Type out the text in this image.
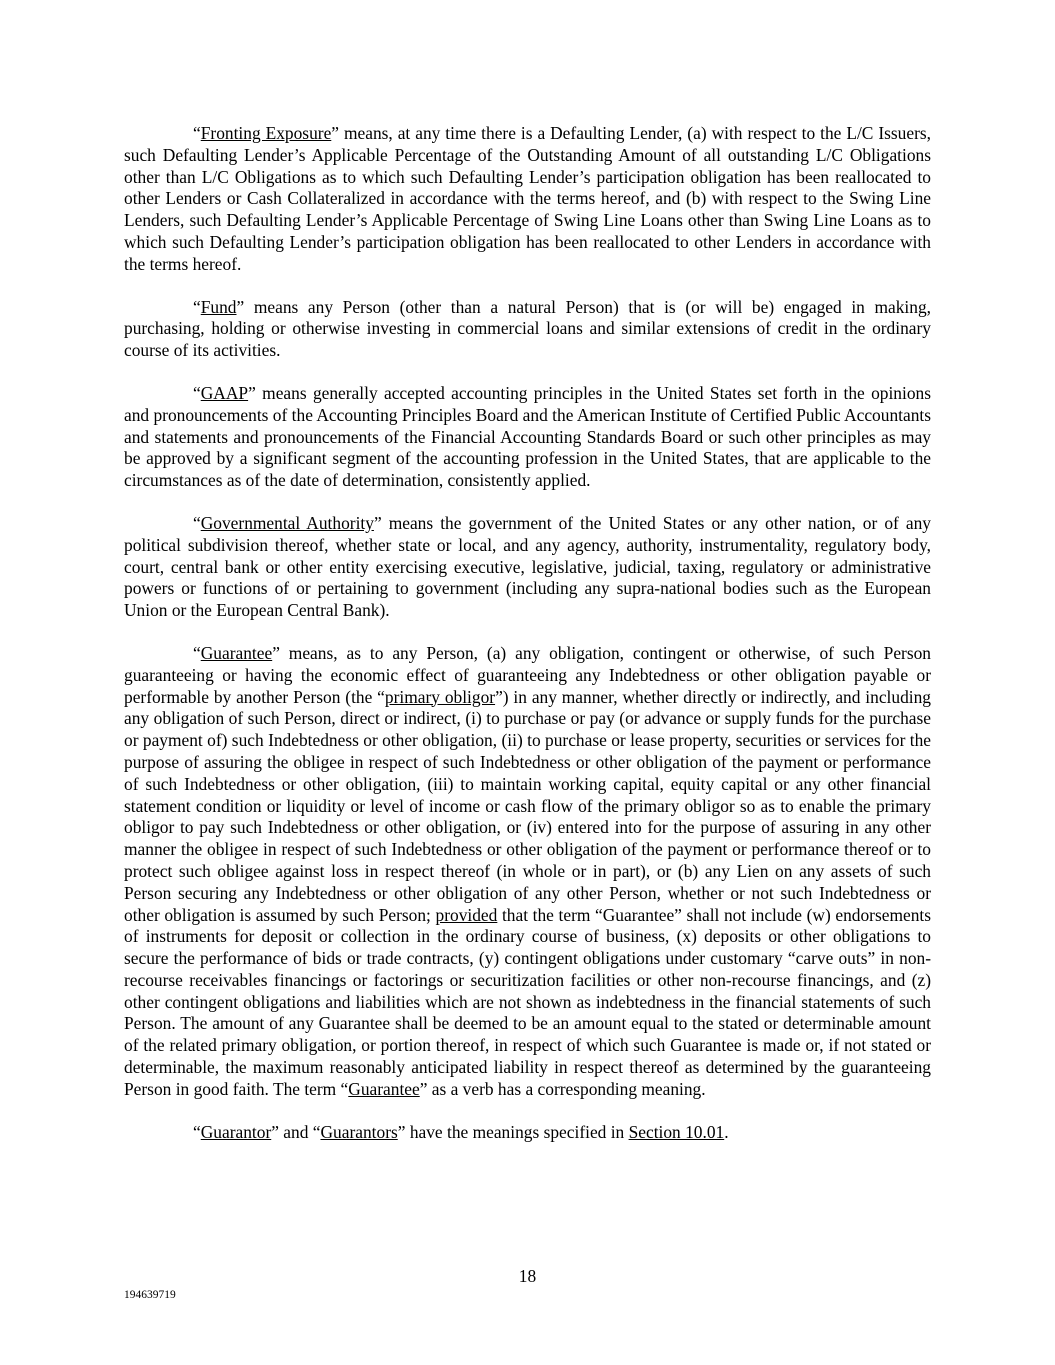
“Fronting Exposure” means, at any time there is a Defaulting Lender, (a) with respect to the L/C Issuers, such Defaulting Lender’s Applicable Percentage of the Outstanding Amount of all outstanding L/C Obligations other than L/C Obligations as to which such Defaulting Lender’s participation obligation has been reallocated to other Lenders or Cash Collateralized in accordance with the terms hereof, and (b) with respect to the Swing Line Lenders, such Defaulting Lender’s Applicable Percentage of Swing Line Loans other than Swing Line Loans as to which such Defaulting Lender’s participation obligation has been reallocated to other Lenders in accordance with the terms hereof.

“Fund” means any Person (other than a natural Person) that is (or will be) engaged in making, purchasing, holding or otherwise investing in commercial loans and similar extensions of credit in the ordinary course of its activities.

“GAAP” means generally accepted accounting principles in the United States set forth in the opinions and pronouncements of the Accounting Principles Board and the American Institute of Certified Public Accountants and statements and pronouncements of the Financial Accounting Standards Board or such other principles as may be approved by a significant segment of the accounting profession in the United States, that are applicable to the circumstances as of the date of determination, consistently applied.

“Governmental Authority” means the government of the United States or any other nation, or of any political subdivision thereof, whether state or local, and any agency, authority, instrumentality, regulatory body, court, central bank or other entity exercising executive, legislative, judicial, taxing, regulatory or administrative powers or functions of or pertaining to government (including any supra-national bodies such as the European Union or the European Central Bank).

“Guarantee” means, as to any Person, (a) any obligation, contingent or otherwise, of such Person guaranteeing or having the economic effect of guaranteeing any Indebtedness or other obligation payable or performable by another Person (the “primary obligor”) in any manner, whether directly or indirectly, and including any obligation of such Person, direct or indirect, (i) to purchase or pay (or advance or supply funds for the purchase or payment of) such Indebtedness or other obligation, (ii) to purchase or lease property, securities or services for the purpose of assuring the obligee in respect of such Indebtedness or other obligation of the payment or performance of such Indebtedness or other obligation, (iii) to maintain working capital, equity capital or any other financial statement condition or liquidity or level of income or cash flow of the primary obligor so as to enable the primary obligor to pay such Indebtedness or other obligation, or (iv) entered into for the purpose of assuring in any other manner the obligee in respect of such Indebtedness or other obligation of the payment or performance thereof or to protect such obligee against loss in respect thereof (in whole or in part), or (b) any Lien on any assets of such Person securing any Indebtedness or other obligation of any other Person, whether or not such Indebtedness or other obligation is assumed by such Person; provided that the term “Guarantee” shall not include (w) endorsements of instruments for deposit or collection in the ordinary course of business, (x) deposits or other obligations to secure the performance of bids or trade contracts, (y) contingent obligations under customary “carve outs” in non-recourse receivables financings or factorings or securitization facilities or other non-recourse financings, and (z) other contingent obligations and liabilities which are not shown as indebtedness in the financial statements of such Person. The amount of any Guarantee shall be deemed to be an amount equal to the stated or determinable amount of the related primary obligation, or portion thereof, in respect of which such Guarantee is made or, if not stated or determinable, the maximum reasonably anticipated liability in respect thereof as determined by the guaranteeing Person in good faith. The term “Guarantee” as a verb has a corresponding meaning.

“Guarantor” and “Guarantors” have the meanings specified in Section 10.01.

18
194639719
